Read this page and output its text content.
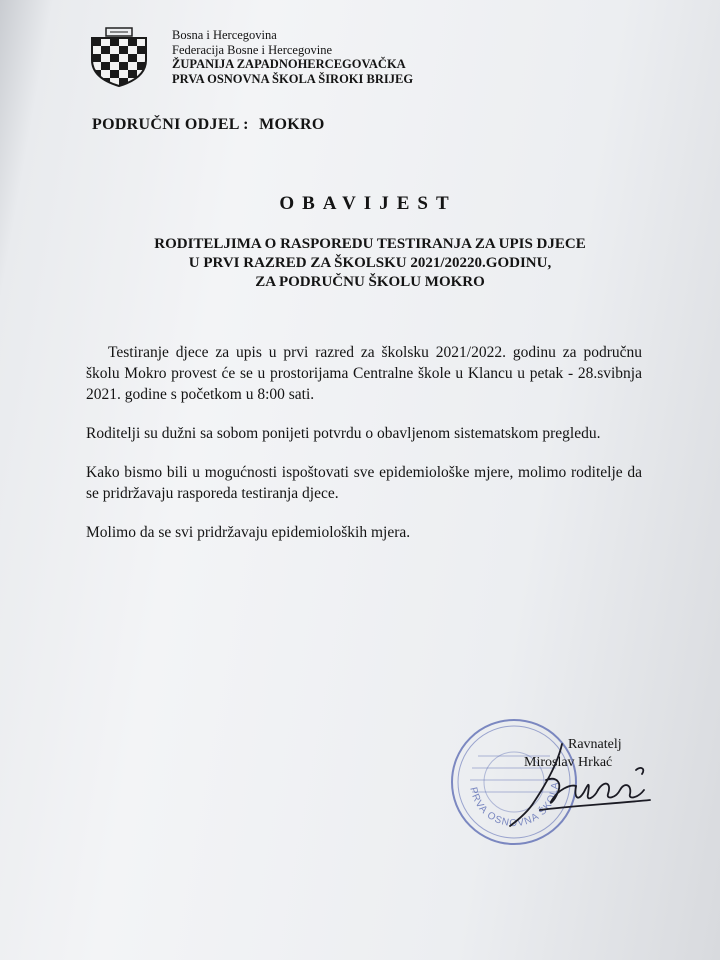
Bosna i Hercegovina
Federacija Bosne i Hercegovine
ŽUPANIJA ZAPADNOHERCEGOVAČKA
PRVA OSNOVNA ŠKOLA ŠIROKI BRIJEG
PODRUČNI ODJEL : MOKRO
OBAVIJEST
RODITELJIMA O RASPOREDU TESTIRANJA ZA UPIS DJECE
U PRVI RAZRED ZA ŠKOLSKU 2021/20220.GODINU,
ZA PODRUČNU ŠKOLU MOKRO

Testiranje djece za upis u prvi razred za školsku 2021/2022. godinu za područnu školu Mokro provest će se u prostorijama Centralne škole u Klancu u petak - 28.svibnja 2021. godine s početkom u 8:00 sati.

Roditelji su dužni sa sobom ponijeti potvrdu o obavljenom sistematskom pregledu.

Kako bismo bili u mogućnosti ispoštovati sve epidemiološke mjere, molimo roditelje da se pridržavaju rasporeda testiranja djece.

Molimo da se svi pridržavaju epidemioloških mjera.

PRVA OSNOVNA ŠKOLA
Ravnatelj
Miroslav Hrkać
